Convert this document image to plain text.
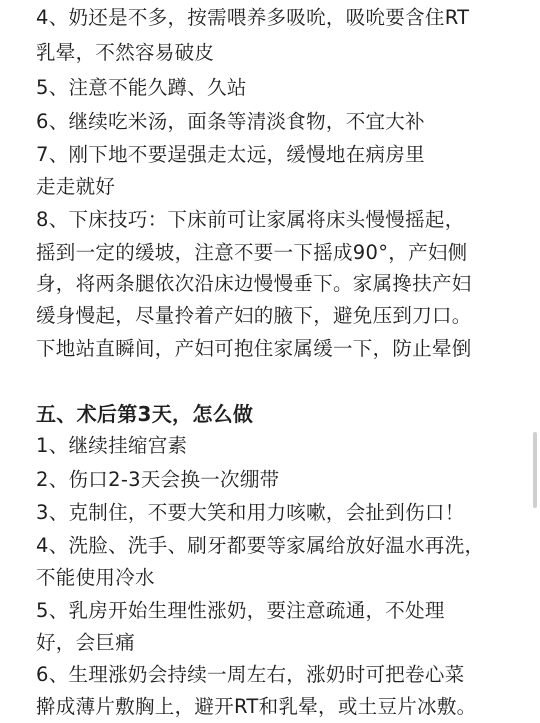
4、奶还是不多，按需喂养多吸吮，吸吮要含住RT
乳晕，不然容易破皮
5、注意不能久蹲、久站
6、继续吃米汤，面条等清淡食物，不宜大补
7、刚下地不要逞强走太远，缓慢地在病房里
走走就好
8、下床技巧：下床前可让家属将床头慢慢摇起，
摇到一定的缓坡，注意不要一下摇成90°，产妇侧
身，将两条腿依次沿床边慢慢垂下。家属搀扶产妇
缓身慢起，尽量拎着产妇的腋下，避免压到刀口。
下地站直瞬间，产妇可抱住家属缓一下，防止晕倒
五、术后第3天，怎么做
1、继续挂缩宫素
2、伤口2-3天会换一次绷带
3、克制住，不要大笑和用力咳嗽，会扯到伤口！
4、洗脸、洗手、刷牙都要等家属给放好温水再洗，
不能使用冷水
5、乳房开始生理性涨奶，要注意疏通，不处理
好，会巨痛
6、生理涨奶会持续一周左右，涨奶时可把卷心菜
擀成薄片敷胸上，避开RT和乳晕，或土豆片冰敷。
